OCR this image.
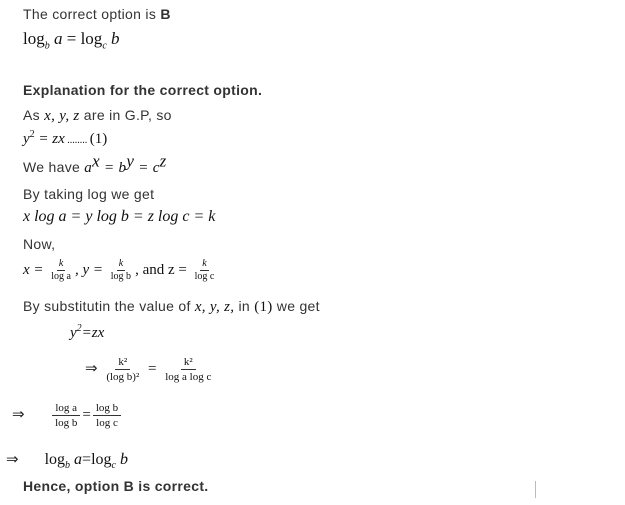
The correct option is B
$\log_b a = \log_c b$
Explanation for the correct option.
As x, y, z are in G.P, so
$y^2$ = zx ........ (1)
We have $a^x = b^y = c^z$
By taking log we get
x log a = y log b = z log c = k
Now,
$x = \frac{k}{\text{log a}}$ , $y = \frac{k}{\text{log b}}$ , and $z = \frac{k}{\text{log c}}$
By substitutin the value of x, y, z, in (1) we get
$y^2=zx$
⇒ $\frac{\text{k²}}{\text{(log b)²}} = \frac{\text{k²}}{\text{log a log c}}$
⇒	$\frac{\text{log a}}{\text{log b}} = \frac{\text{log b}}{\text{log c}}$
⇒ $\log_b a=\log_c$ b
Hence, option B is correct.
